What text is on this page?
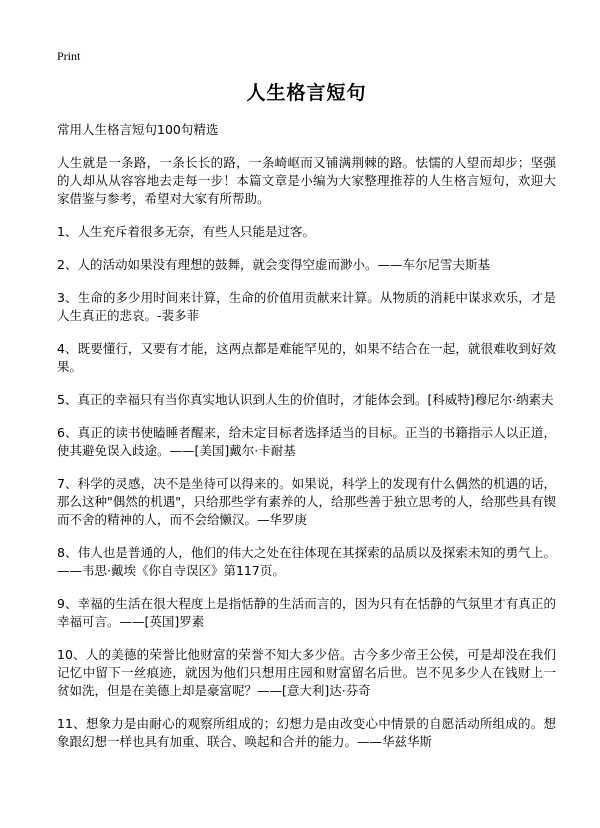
Print
人生格言短句
常用人生格言短句100句精选
人生就是一条路，一条长长的路，一条崎岖而又铺满荆棘的路。怯懦的人望而却步；坚强的人却从从容容地去走每一步！本篇文章是小编为大家整理推荐的人生格言短句，欢迎大家借鉴与参考，希望对大家有所帮助。
1、人生充斥着很多无奈，有些人只能是过客。
2、人的活动如果没有理想的鼓舞，就会变得空虚而渺小。——车尔尼雪夫斯基
3、生命的多少用时间来计算，生命的价值用贡献来计算。从物质的消耗中谋求欢乐，才是人生真正的悲哀。-裴多菲
4、既要懂行，又要有才能，这两点都是难能罕见的，如果不结合在一起，就很难收到好效果。
5、真正的幸福只有当你真实地认识到人生的价值时，才能体会到。[科威特]穆尼尔·纳素夫
6、真正的读书使瞌睡者醒来，给未定目标者选择适当的目标。正当的书籍指示人以正道，使其避免误入歧途。——[美国]戴尔·卡耐基
7、科学的灵感，决不是坐待可以得来的。如果说，科学上的发现有什么偶然的机遇的话，那么这种"偶然的机遇"，只给那些学有素养的人，给那些善于独立思考的人，给那些具有锲而不舍的精神的人，而不会给懒汉。—华罗庚
8、伟人也是普通的人，他们的伟大之处在往体现在其探索的品质以及探索未知的勇气上。——韦思·戴埃《你自寺误区》第117页。
9、幸福的生活在很大程度上是指恬静的生活而言的，因为只有在恬静的气氛里才有真正的幸福可言。——[英国]罗素
10、人的美德的荣誉比他财富的荣誉不知大多少倍。古今多少帝王公侯，可是却没在我们记忆中留下一丝痕迹，就因为他们只想用庄园和财富留名后世。岂不见多少人在钱财上一贫如洗，但是在美德上却是豪富呢？——[意大利]达·芬奇
11、想象力是由耐心的观察所组成的；幻想力是由改变心中情景的自愿活动所组成的。想象跟幻想一样也具有加重、联合、唤起和合并的能力。——华兹华斯
